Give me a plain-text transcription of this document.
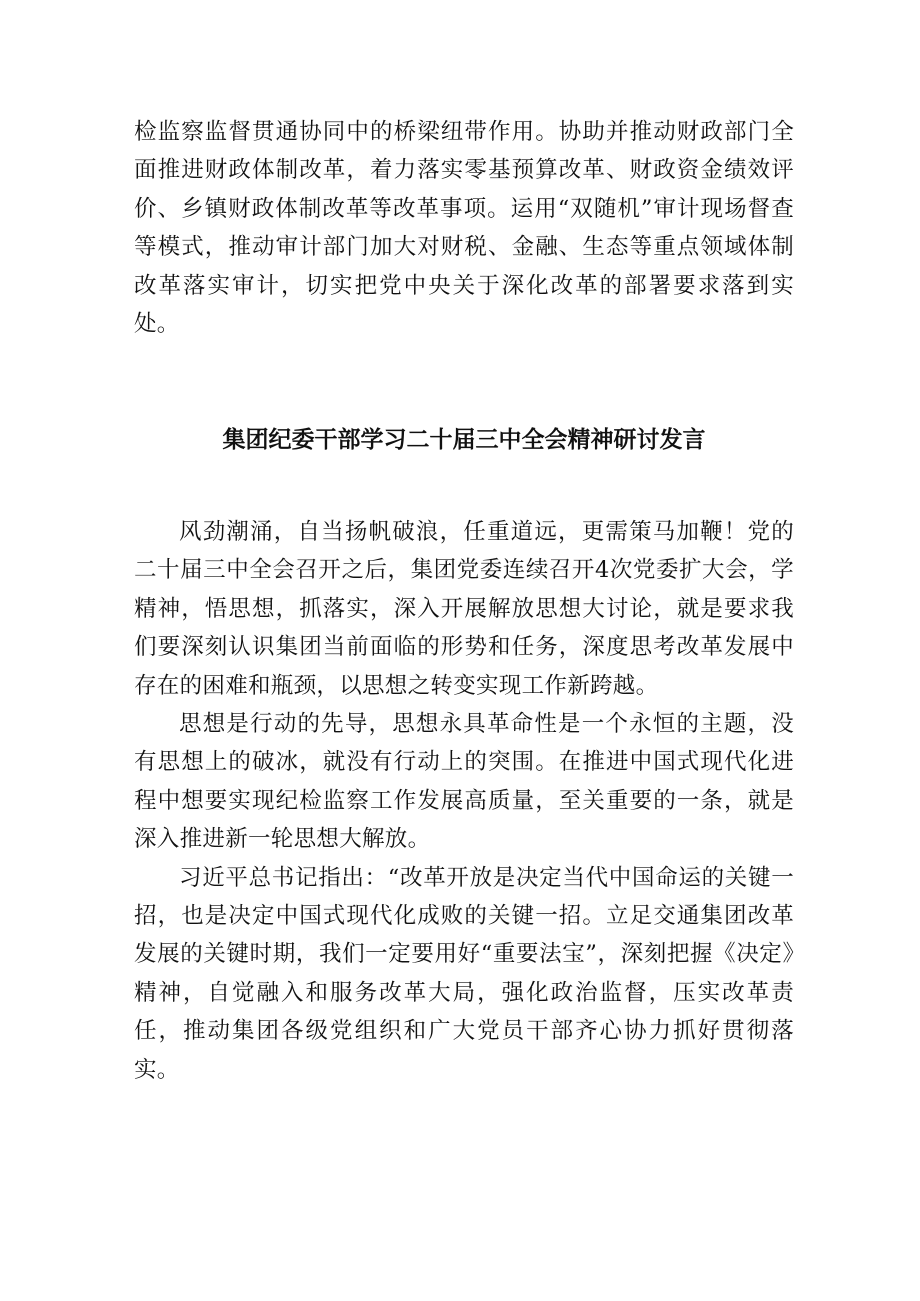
检监察监督贯通协同中的桥梁纽带作用。协助并推动财政部门全面推进财政体制改革，着力落实零基预算改革、财政资金绩效评价、乡镇财政体制改革等改革事项。运用“双随机”审计现场督查等模式，推动审计部门加大对财税、金融、生态等重点领域体制改革落实审计，切实把党中央关于深化改革的部署要求落到实处。

集团纪委干部学习二十届三中全会精神研讨发言

风劲潮涌，自当扬帆破浪，任重道远，更需策马加鞭！党的二十届三中全会召开之后，集团党委连续召开4次党委扩大会，学精神，悟思想，抓落实，深入开展解放思想大讨论，就是要求我们要深刻认识集团当前面临的形势和任务，深度思考改革发展中存在的困难和瓶颈，以思想之转变实现工作新跨越。

思想是行动的先导，思想永具革命性是一个永恒的主题，没有思想上的破冰，就没有行动上的突围。在推进中国式现代化进程中想要实现纪检监察工作发展高质量，至关重要的一条，就是深入推进新一轮思想大解放。

习近平总书记指出：“改革开放是决定当代中国命运的关键一招，也是决定中国式现代化成败的关键一招。立足交通集团改革发展的关键时期，我们一定要用好“重要法宝”，深刻把握《决定》精神，自觉融入和服务改革大局，强化政治监督，压实改革责任，推动集团各级党组织和广大党员干部齐心协力抓好贯彻落实。
